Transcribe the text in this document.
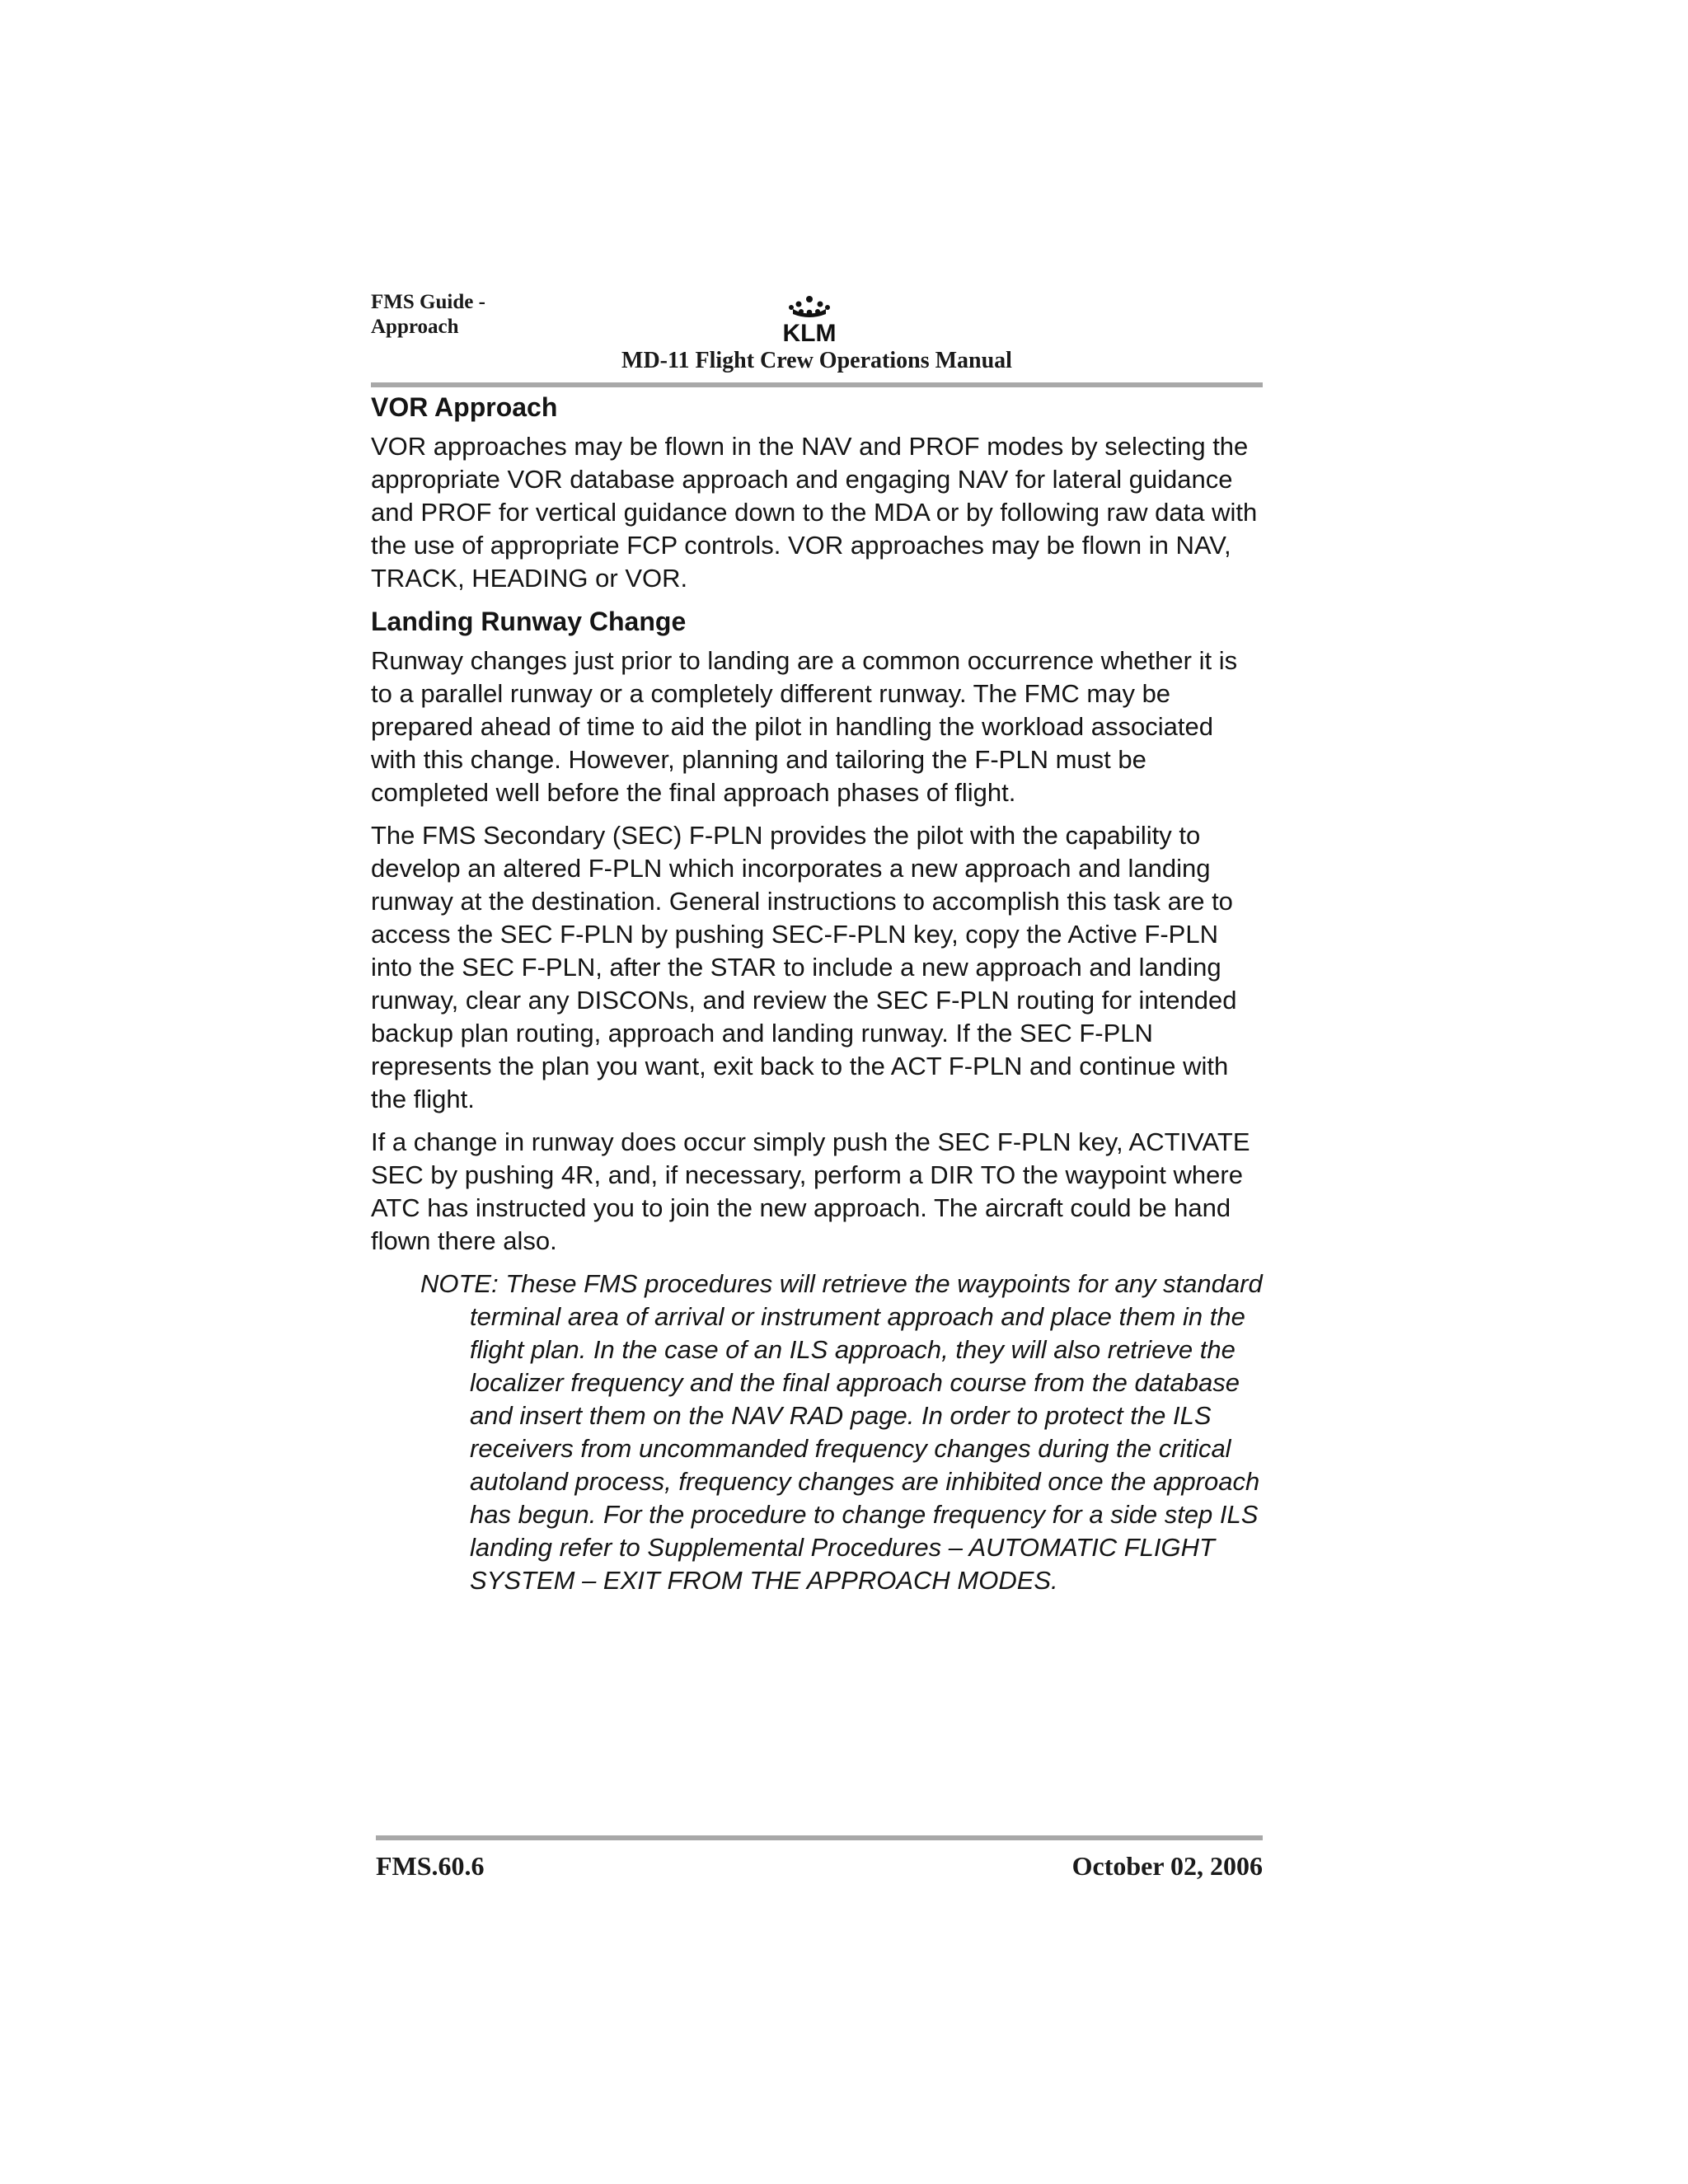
FMS Guide -
Approach	KLM
MD-11 Flight Crew Operations Manual
VOR Approach

VOR approaches may be flown in the NAV and PROF modes by selecting the appropriate VOR database approach and engaging NAV for lateral guidance and PROF for vertical guidance down to the MDA or by following raw data with the use of appropriate FCP controls. VOR approaches may be flown in NAV, TRACK, HEADING or VOR.

Landing Runway Change

Runway changes just prior to landing are a common occurrence whether it is to a parallel runway or a completely different runway. The FMC may be prepared ahead of time to aid the pilot in handling the workload associated with this change. However, planning and tailoring the F-PLN must be completed well before the final approach phases of flight.

The FMS Secondary (SEC) F-PLN provides the pilot with the capability to develop an altered F-PLN which incorporates a new approach and landing runway at the destination. General instructions to accomplish this task are to access the SEC F-PLN by pushing SEC-F-PLN key, copy the Active F-PLN into the SEC F-PLN, after the STAR to include a new approach and landing runway, clear any DISCONs, and review the SEC F-PLN routing for intended backup plan routing, approach and landing runway. If the SEC F-PLN represents the plan you want, exit back to the ACT F-PLN and continue with the flight.

If a change in runway does occur simply push the SEC F-PLN key, ACTIVATE SEC by pushing 4R, and, if necessary, perform a DIR TO the waypoint where ATC has instructed you to join the new approach. The aircraft could be hand flown there also.

NOTE: These FMS procedures will retrieve the waypoints for any standard terminal area of arrival or instrument approach and place them in the flight plan. In the case of an ILS approach, they will also retrieve the localizer frequency and the final approach course from the database and insert them on the NAV RAD page. In order to protect the ILS receivers from uncommanded frequency changes during the critical autoland process, frequency changes are inhibited once the approach has begun. For the procedure to change frequency for a side step ILS landing refer to Supplemental Procedures – AUTOMATIC FLIGHT SYSTEM – EXIT FROM THE APPROACH MODES.

FMS.60.6	October 02, 2006
